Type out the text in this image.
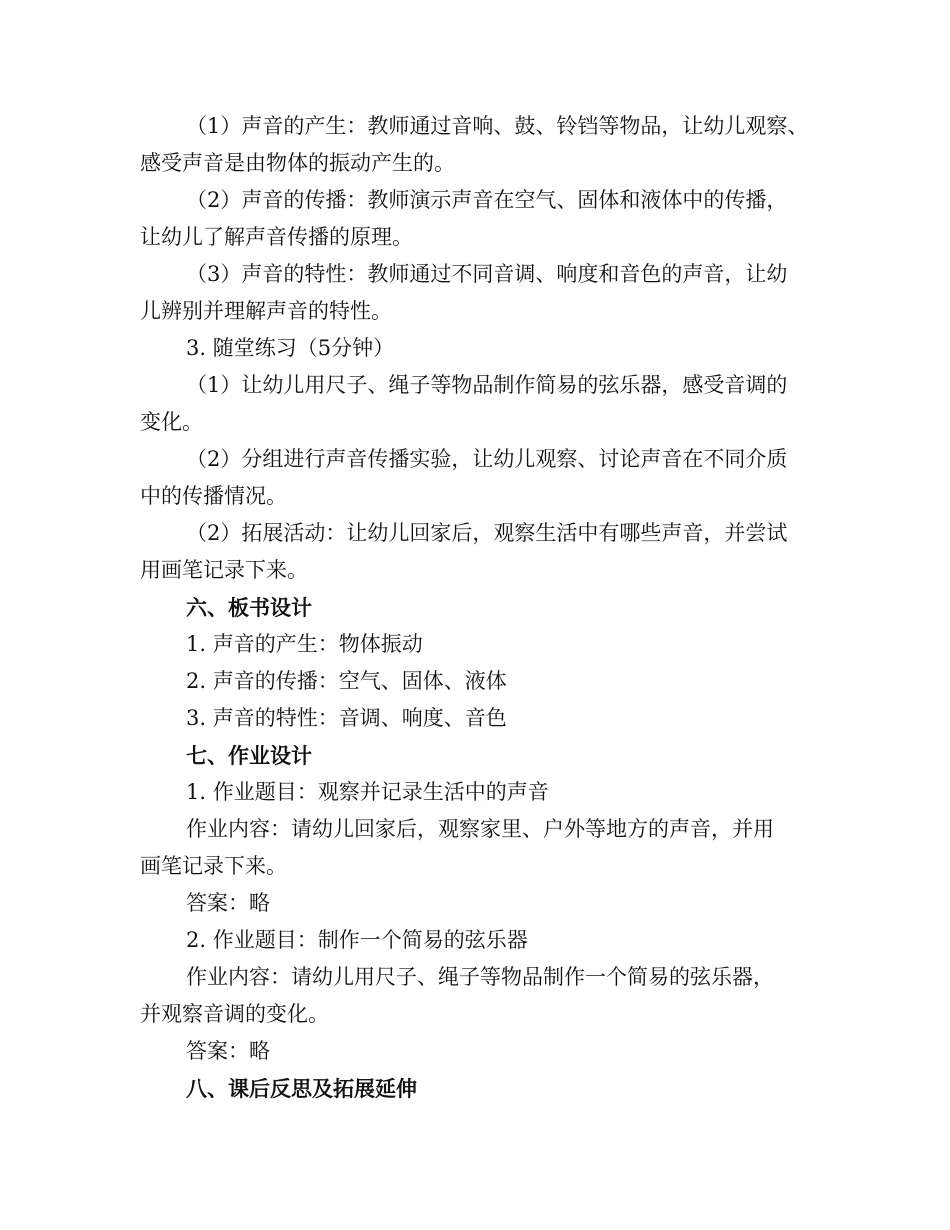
（1）声音的产生：教师通过音响、鼓、铃铛等物品，让幼儿观察、
感受声音是由物体的振动产生的。
（2）声音的传播：教师演示声音在空气、固体和液体中的传播，
让幼儿了解声音传播的原理。
（3）声音的特性：教师通过不同音调、响度和音色的声音，让幼
儿辨别并理解声音的特性。
3. 随堂练习（5分钟）
（1）让幼儿用尺子、绳子等物品制作简易的弦乐器，感受音调的
变化。
（2）分组进行声音传播实验，让幼儿观察、讨论声音在不同介质
中的传播情况。
（2）拓展活动：让幼儿回家后，观察生活中有哪些声音，并尝试
用画笔记录下来。
六、板书设计
1. 声音的产生：物体振动
2. 声音的传播：空气、固体、液体
3. 声音的特性：音调、响度、音色
七、作业设计
1. 作业题目：观察并记录生活中的声音
作业内容：请幼儿回家后，观察家里、户外等地方的声音，并用
画笔记录下来。
答案：略
2. 作业题目：制作一个简易的弦乐器
作业内容：请幼儿用尺子、绳子等物品制作一个简易的弦乐器，
并观察音调的变化。
答案：略
八、课后反思及拓展延伸
